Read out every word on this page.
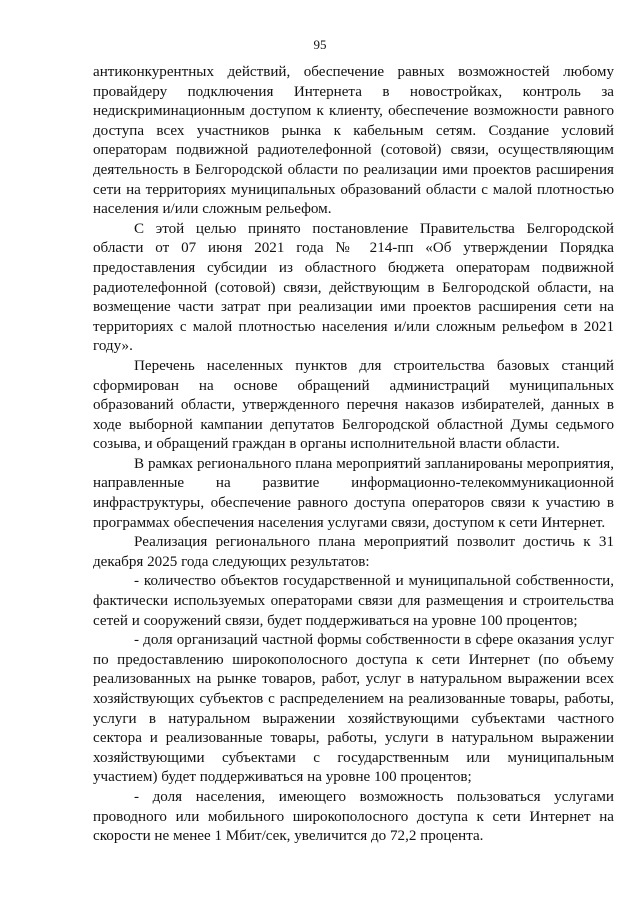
95

антиконкурентных действий, обеспечение равных возможностей любому провайдеру подключения Интернета в новостройках, контроль за недискриминационным доступом к клиенту, обеспечение возможности равного доступа всех участников рынка к кабельным сетям. Создание условий операторам подвижной радиотелефонной (сотовой) связи, осуществляющим деятельность в Белгородской области по реализации ими проектов расширения сети на территориях муниципальных образований области с малой плотностью населения и/или сложным рельефом.

С этой целью принято постановление Правительства Белгородской области от 07 июня 2021 года № 214-пп «Об утверждении Порядка предоставления субсидии из областного бюджета операторам подвижной радиотелефонной (сотовой) связи, действующим в Белгородской области, на возмещение части затрат при реализации ими проектов расширения сети на территориях с малой плотностью населения и/или сложным рельефом в 2021 году».

Перечень населенных пунктов для строительства базовых станций сформирован на основе обращений администраций муниципальных образований области, утвержденного перечня наказов избирателей, данных в ходе выборной кампании депутатов Белгородской областной Думы седьмого созыва, и обращений граждан в органы исполнительной власти области.

В рамках регионального плана мероприятий запланированы мероприятия, направленные на развитие информационно-телекоммуникационной инфраструктуры, обеспечение равного доступа операторов связи к участию в программах обеспечения населения услугами связи, доступом к сети Интернет.

Реализация регионального плана мероприятий позволит достичь к 31 декабря 2025 года следующих результатов:

- количество объектов государственной и муниципальной собственности, фактически используемых операторами связи для размещения и строительства сетей и сооружений связи, будет поддерживаться на уровне 100 процентов;

- доля организаций частной формы собственности в сфере оказания услуг по предоставлению широкополосного доступа к сети Интернет (по объему реализованных на рынке товаров, работ, услуг в натуральном выражении всех хозяйствующих субъектов с распределением на реализованные товары, работы, услуги в натуральном выражении хозяйствующими субъектами частного сектора и реализованные товары, работы, услуги в натуральном выражении хозяйствующими субъектами с государственным или муниципальным участием) будет поддерживаться на уровне 100 процентов;

- доля населения, имеющего возможность пользоваться услугами проводного или мобильного широкополосного доступа к сети Интернет на скорости не менее 1 Мбит/сек, увеличится до 72,2 процента.
